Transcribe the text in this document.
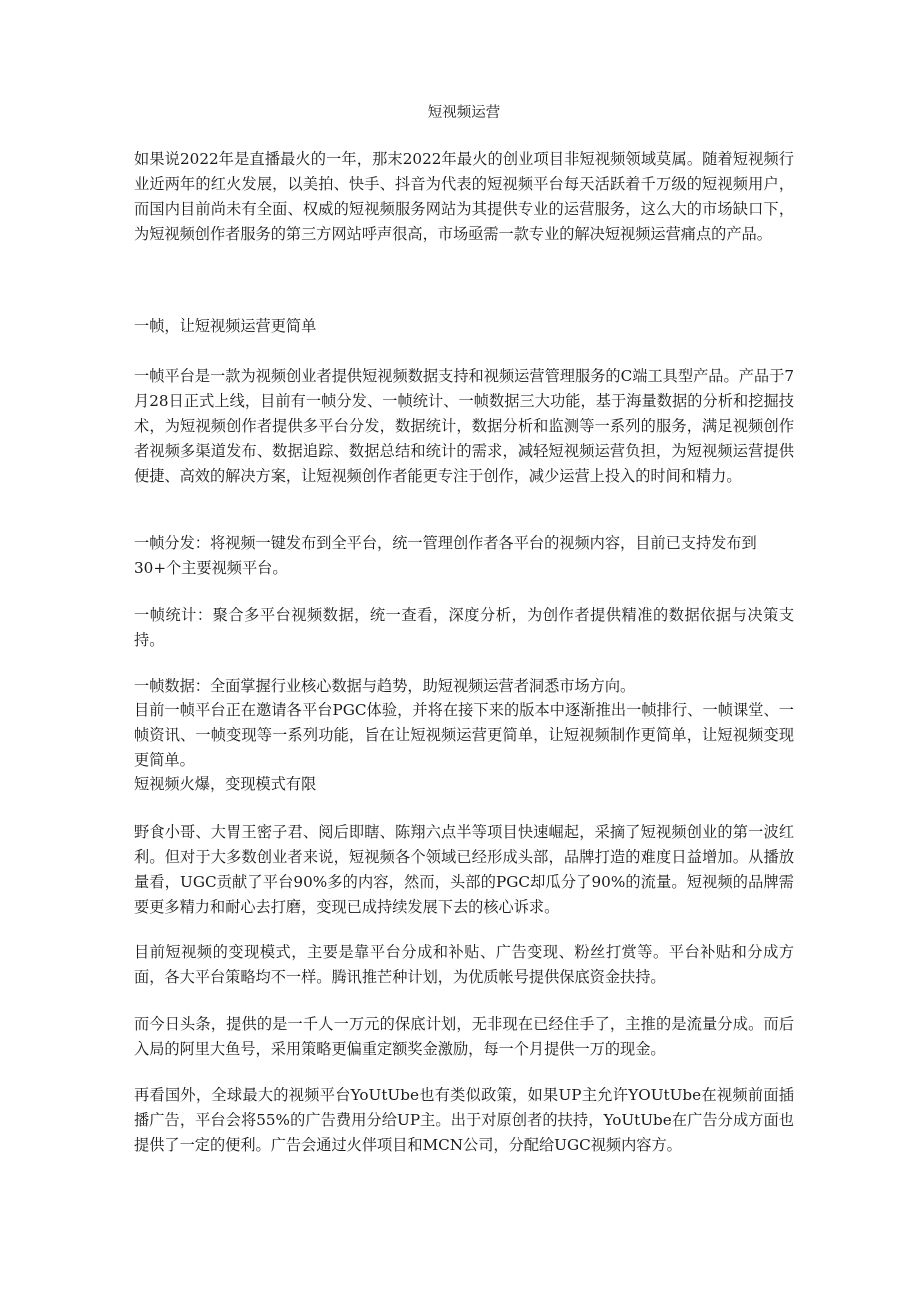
短视频运营

如果说2022年是直播最火的一年，那末2022年最火的创业项目非短视频领域莫属。随着短视频行业近两年的红火发展，以美拍、快手、抖音为代表的短视频平台每天活跃着千万级的短视频用户，而国内目前尚未有全面、权威的短视频服务网站为其提供专业的运营服务，这么大的市场缺口下，为短视频创作者服务的第三方网站呼声很高，市场亟需一款专业的解决短视频运营痛点的产品。

一帧，让短视频运营更简单

一帧平台是一款为视频创业者提供短视频数据支持和视频运营管理服务的C端工具型产品。产品于7月28日正式上线，目前有一帧分发、一帧统计、一帧数据三大功能，基于海量数据的分析和挖掘技术，为短视频创作者提供多平台分发，数据统计，数据分析和监测等一系列的服务，满足视频创作者视频多渠道发布、数据追踪、数据总结和统计的需求，减轻短视频运营负担，为短视频运营提供便捷、高效的解决方案，让短视频创作者能更专注于创作，减少运营上投入的时间和精力。

一帧分发：将视频一键发布到全平台，统一管理创作者各平台的视频内容，目前已支持发布到
30+个主要视频平台。

一帧统计：聚合多平台视频数据，统一查看，深度分析，为创作者提供精准的数据依据与决策支持。

一帧数据：全面掌握行业核心数据与趋势，助短视频运营者洞悉市场方向。

目前一帧平台正在邀请各平台PGC体验，并将在接下来的版本中逐渐推出一帧排行、一帧课堂、一帧资讯、一帧变现等一系列功能，旨在让短视频运营更简单，让短视频制作更简单，让短视频变现更简单。

短视频火爆，变现模式有限

野食小哥、大胃王密子君、阅后即瞎、陈翔六点半等项目快速崛起，采摘了短视频创业的第一波红利。但对于大多数创业者来说，短视频各个领域已经形成头部，品牌打造的难度日益增加。从播放量看，UGC贡献了平台90%多的内容，然而，头部的PGC却瓜分了90%的流量。短视频的品牌需要更多精力和耐心去打磨，变现已成持续发展下去的核心诉求。

目前短视频的变现模式，主要是靠平台分成和补贴、广告变现、粉丝打赏等。平台补贴和分成方面，各大平台策略均不一样。腾讯推芒种计划，为优质帐号提供保底资金扶持。

而今日头条，提供的是一千人一万元的保底计划，无非现在已经住手了，主推的是流量分成。而后入局的阿里大鱼号，采用策略更偏重定额奖金激励，每一个月提供一万的现金。

再看国外，全球最大的视频平台YoUtUbe也有类似政策，如果UP主允许YOUtUbe在视频前面插播广告，平台会将55%的广告费用分给UP主。出于对原创者的扶持，YoUtUbe在广告分成方面也提供了一定的便利。广告会通过火伴项目和MCN公司，分配给UGC视频内容方。
